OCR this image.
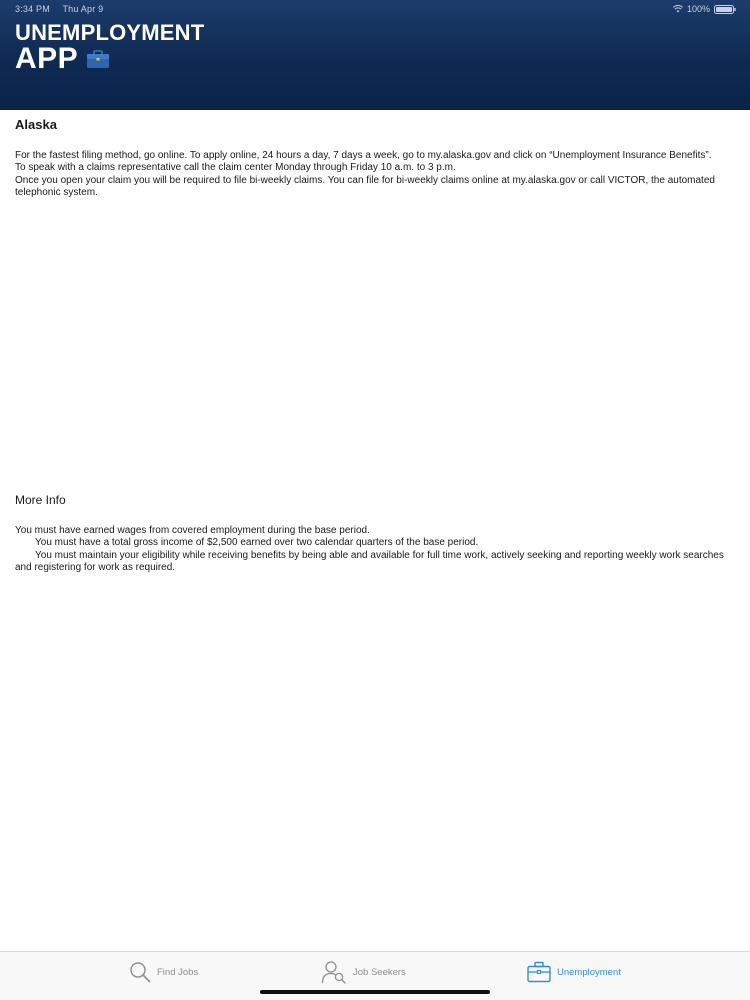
3:34 PM Thu Apr 9	100%
UNEMPLOYMENT
APP
Alaska

For the fastest filing method, go online. To apply online, 24 hours a day, 7 days a week, go to my.alaska.gov and click on “Unemployment Insurance Benefits”.

To speak with a claims representative call the claim center Monday through Friday 10 a.m. to 3 p.m.

Once you open your claim you will be required to file bi-weekly claims. You can file for bi-weekly claims online at my.alaska.gov or call VICTOR, the automated telephonic system.

More Info

You must have earned wages from covered employment during the base period.

You must have a total gross income of $2,500 earned over two calendar quarters of the base period.

You must maintain your eligibility while receiving benefits by being able and available for full time work, actively seeking and reporting weekly work searches and registering for work as required.

Find Jobs	Job Seekers	Unemployment
